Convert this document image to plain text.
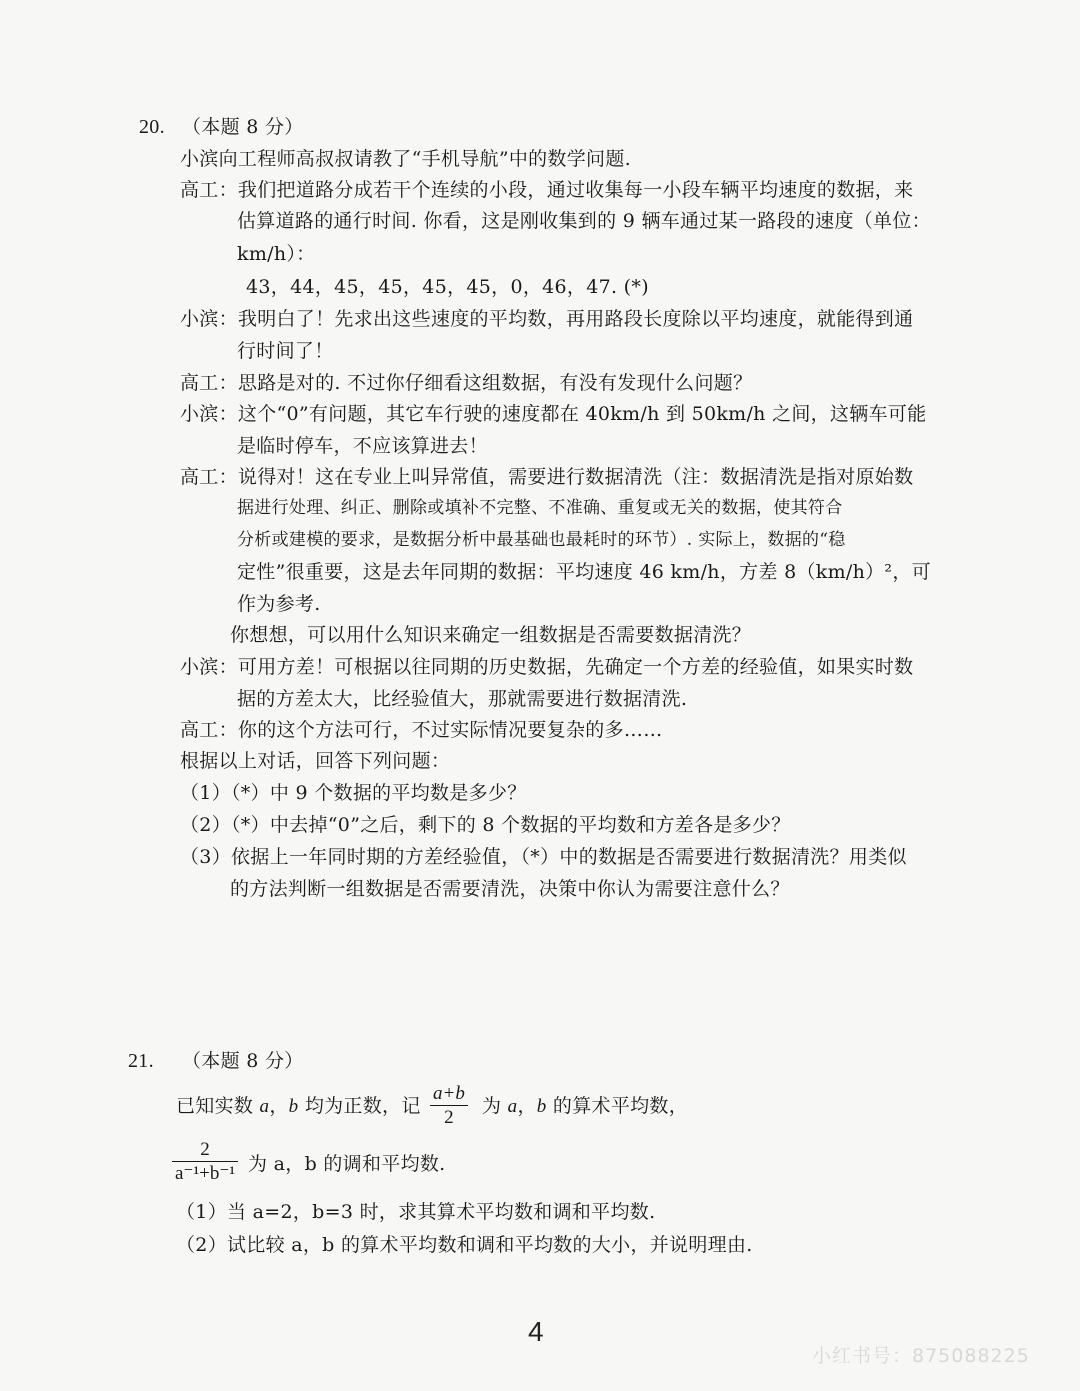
20. （本题 8 分）
小滨向工程师高叔叔请教了“手机导航”中的数学问题.
高工：我们把道路分成若干个连续的小段，通过收集每一小段车辆平均速度的数据，来
估算道路的通行时间. 你看，这是刚收集到的 9 辆车通过某一路段的速度（单位：
km/h）：
43，44，45，45，45，45，0，46，47. (*)
小滨：我明白了！先求出这些速度的平均数，再用路段长度除以平均速度，就能得到通
行时间了！
高工：思路是对的. 不过你仔细看这组数据，有没有发现什么问题？
小滨：这个“0”有问题，其它车行驶的速度都在 40km/h 到 50km/h 之间，这辆车可能
是临时停车，不应该算进去！
高工：说得对！这在专业上叫异常值，需要进行数据清洗（注：数据清洗是指对原始数
据进行处理、纠正、删除或填补不完整、不准确、重复或无关的数据，使其符合
分析或建模的要求，是数据分析中最基础也最耗时的环节）. 实际上，数据的“稳
定性”很重要，这是去年同期的数据：平均速度 46 km/h，方差 8（km/h）²，可
作为参考.
你想想，可以用什么知识来确定一组数据是否需要数据清洗？
小滨：可用方差！可根据以往同期的历史数据，先确定一个方差的经验值，如果实时数
据的方差太大，比经验值大，那就需要进行数据清洗.
高工：你的这个方法可行，不过实际情况要复杂的多……
根据以上对话，回答下列问题：
（1）（*）中 9 个数据的平均数是多少？
（2）（*）中去掉“0”之后，剩下的 8 个数据的平均数和方差各是多少？
（3）依据上一年同时期的方差经验值，（*）中的数据是否需要进行数据清洗？用类似
的方法判断一组数据是否需要清洗，决策中你认为需要注意什么？
21. （本题 8 分）
已知实数 a，b 均为正数，记
a+b
2
为 a，b 的算术平均数，
2
a⁻¹+b⁻¹ 为 a，b 的调和平均数.
（1）当 a=2，b=3 时，求其算术平均数和调和平均数.
（2）试比较 a，b 的算术平均数和调和平均数的大小，并说明理由.
4
小红书号：875088225
